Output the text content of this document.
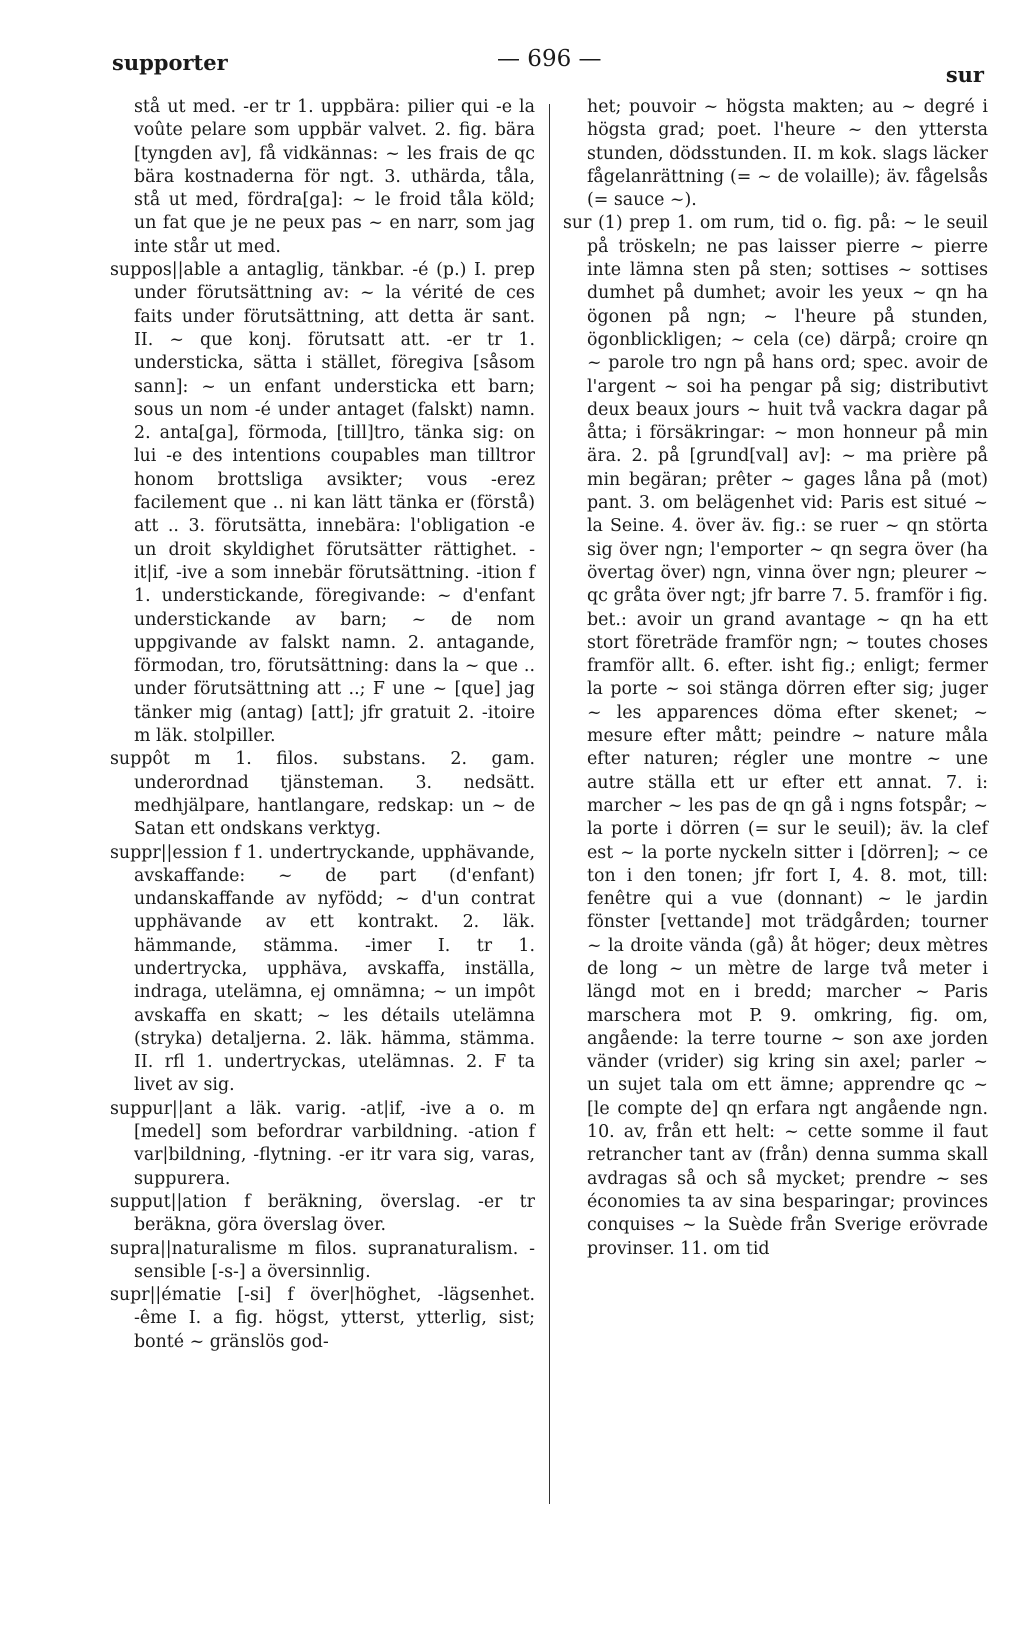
supporter	— 696 —
sur

stå ut med. -er tr 1. uppbära: pilier qui -e la voûte pelare som uppbär valvet. 2. fig. bära [tyngden av], få vidkännas: ~ les frais de qc bära kostnaderna för ngt. 3. uthärda, tåla, stå ut med, fördra[ga]: ~ le froid tåla köld; un fat que je ne peux pas ~ en narr, som jag inte står ut med.

suppos||able a antaglig, tänkbar. -é (p.) I. prep under förutsättning av: ~ la vérité de ces faits under förutsättning, att detta är sant. II. ~ que konj. förutsatt att. -er tr 1. understicka, sätta i stället, föregiva [såsom sann]: ~ un enfant understicka ett barn; sous un nom -é under antaget (falskt) namn. 2. anta[ga], förmoda, [till]tro, tänka sig: on lui -e des intentions coupables man tilltror honom brottsliga avsikter; vous -erez facilement que .. ni kan lätt tänka er (förstå) att .. 3. förutsätta, innebära: l'obligation -e un droit skyldighet förutsätter rättighet. -it|if, -ive a som innebär förutsättning. -ition f 1. understickande, föregivande: ~ d'enfant understickande av barn; ~ de nom uppgivande av falskt namn. 2. antagande, förmodan, tro, förutsättning: dans la ~ que .. under förutsättning att ..; F une ~ [que] jag tänker mig (antag) [att]; jfr gratuit 2. -itoire m läk. stolpiller.

suppôt m 1. filos. substans. 2. gam. underordnad tjänsteman. 3. nedsätt. medhjälpare, hantlangare, redskap: un ~ de Satan ett ondskans verktyg.

suppr||ession f 1. undertryckande, upphävande, avskaffande: ~ de part (d'enfant) undanskaffande av nyfödd; ~ d'un contrat upphävande av ett kontrakt. 2. läk. hämmande, stämma. -imer I. tr 1. undertrycka, upphäva, avskaffa, inställa, indraga, utelämna, ej omnämna; ~ un impôt avskaffa en skatt; ~ les détails utelämna (stryka) detaljerna. 2. läk. hämma, stämma. II. rfl 1. undertryckas, utelämnas. 2. F ta livet av sig.

suppur||ant a läk. varig. -at|if, -ive a o. m [medel] som befordrar varbildning. -ation f var|bildning, -flytning. -er itr vara sig, varas, suppurera.

supput||ation f beräkning, överslag. -er tr beräkna, göra överslag över.

supra||naturalisme m filos. supranaturalism. -sensible [-s-] a översinnlig.

supr||ématie [-si] f över|höghet, -lägsenhet. -ême I. a fig. högst, ytterst, ytterlig, sist; bonté ~ gränslös god-

het; pouvoir ~ högsta makten; au ~ degré i högsta grad; poet. l'heure ~ den yttersta stunden, dödsstunden. II. m kok. slags läcker fågelanrättning (= ~ de volaille); äv. fågelsås (= sauce ~).

sur (1) prep 1. om rum, tid o. fig. på: ~ le seuil på tröskeln; ne pas laisser pierre ~ pierre inte lämna sten på sten; sottises ~ sottises dumhet på dumhet; avoir les yeux ~ qn ha ögonen på ngn; ~ l'heure på stunden, ögonblickligen; ~ cela (ce) därpå; croire qn ~ parole tro ngn på hans ord; spec. avoir de l'argent ~ soi ha pengar på sig; distributivt deux beaux jours ~ huit två vackra dagar på åtta; i försäkringar: ~ mon honneur på min ära. 2. på [grund[val] av]: ~ ma prière på min begäran; prêter ~ gages låna på (mot) pant. 3. om belägenhet vid: Paris est situé ~ la Seine. 4. över äv. fig.: se ruer ~ qn störta sig över ngn; l'emporter ~ qn segra över (ha övertag över) ngn, vinna över ngn; pleurer ~ qc gråta över ngt; jfr barre 7. 5. framför i fig. bet.: avoir un grand avantage ~ qn ha ett stort företräde framför ngn; ~ toutes choses framför allt. 6. efter. isht fig.; enligt; fermer la porte ~ soi stänga dörren efter sig; juger ~ les apparences döma efter skenet; ~ mesure efter mått; peindre ~ nature måla efter naturen; régler une montre ~ une autre ställa ett ur efter ett annat. 7. i: marcher ~ les pas de qn gå i ngns fotspår; ~ la porte i dörren (= sur le seuil); äv. la clef est ~ la porte nyckeln sitter i [dörren]; ~ ce ton i den tonen; jfr fort I, 4. 8. mot, till: fenêtre qui a vue (donnant) ~ le jardin fönster [vettande] mot trädgården; tourner ~ la droite vända (gå) åt höger; deux mètres de long ~ un mètre de large två meter i längd mot en i bredd; marcher ~ Paris marschera mot P. 9. omkring, fig. om, angående: la terre tourne ~ son axe jorden vänder (vrider) sig kring sin axel; parler ~ un sujet tala om ett ämne; apprendre qc ~ [le compte de] qn erfara ngt angående ngn. 10. av, från ett helt: ~ cette somme il faut retrancher tant av (från) denna summa skall avdragas så och så mycket; prendre ~ ses économies ta av sina besparingar; provinces conquises ~ la Suède från Sverige erövrade provinser. 11. om tid
